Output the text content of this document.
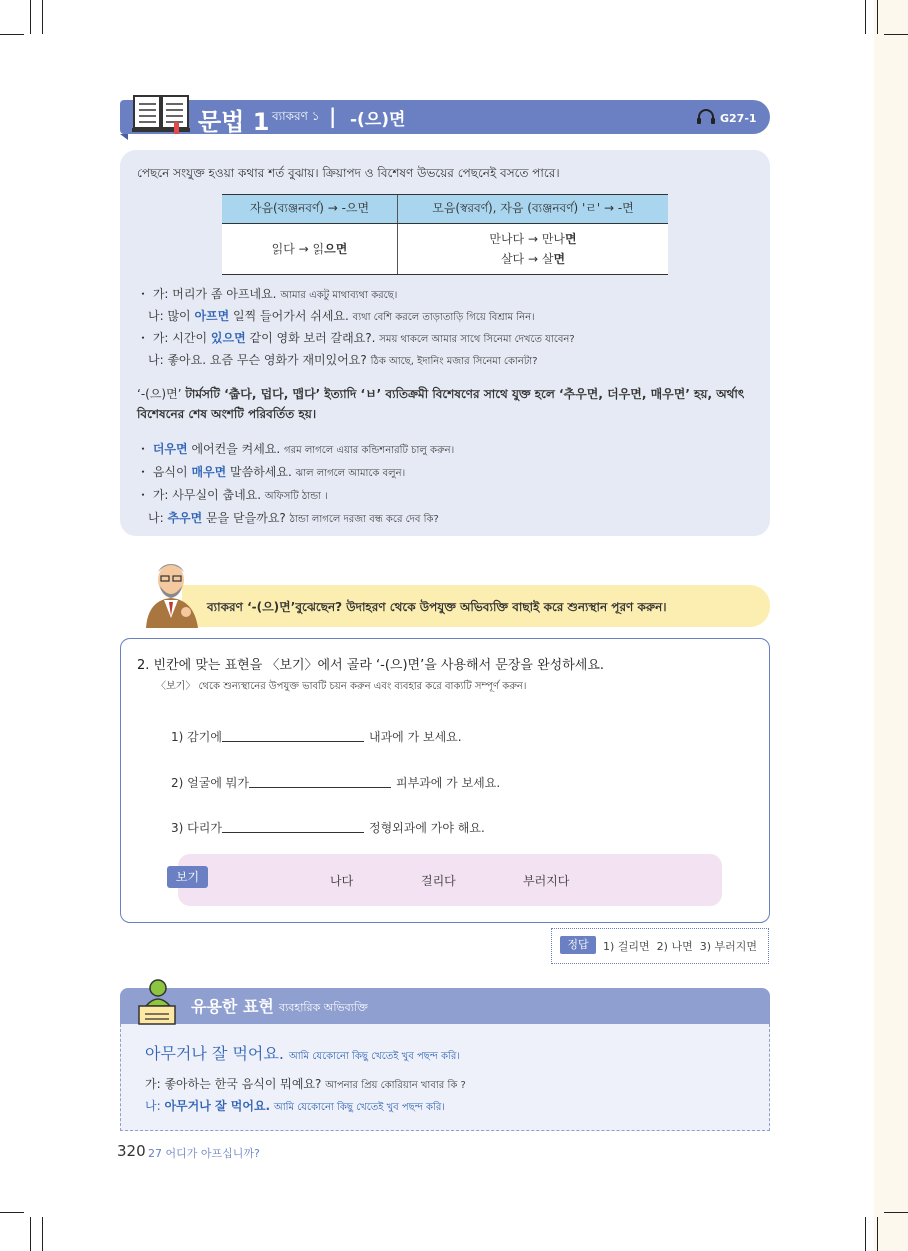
문법 1 ব্যাকরণ ১ | -(으)면	G27-1
পেছনে সংযুক্ত হওয়া কথার শর্ত বুঝায়। ক্রিয়াপদ ও বিশেষণ উভয়ের পেছনেই বসতে পারে।
자음(ব্যঞ্জনবর্ণ) → -으면	모음(স্বরবর্ণ), 자음 (ব্যঞ্জনবর্ণ) 'ㄹ' → -면
읽다 → 읽으면	만나다 → 만나면
살다 → 살면
・ 가: 머리가 좀 아프네요. আমার একটু মাথাব্যথা করছে।
나: 많이 아프면 일찍 들어가서 쉬세요. ব্যথা বেশি করলে তাড়াতাড়ি গিয়ে বিশ্রাম নিন।
・ 가: 시간이 있으면 같이 영화 보러 갈래요?. সময় থাকলে আমার সাথে সিনেমা দেখতে যাবেন?
나: 좋아요. 요즘 무슨 영화가 재미있어요? ঠিক আছে, ইদানিং মজার সিনেমা কোনটা?
‘-(으)면’ টার্মসটি ‘춥다, 덥다, 맵다’ ইত্যাদি ‘ㅂ’ ব্যতিক্রমী বিশেষণের সাথে যুক্ত হলে ‘추우면, 더우면, 매우면’ হয়, অর্থাৎ
বিশেষনের শেষ অংশটি পরিবর্তিত হয়।
・ 더우면 에어컨을 켜세요. গরম লাগলে এয়ার কন্ডিশনারটি চালু করুন।
・ 음식이 매우면 말씀하세요. ঝাল লাগলে আমাকে বলুন।
・ 가: 사무실이 춥네요. অফিসটি ঠান্ডা ।
나: 추우면 문을 닫을까요? ঠান্ডা লাগলে দরজা বন্ধ করে দেব কি?
ব্যাকরণ ‘-(으)면’বুঝেছেন? উদাহরণ থেকে উপযুক্ত অভিব্যক্তি বাছাই করে শুন্যস্থান পূরণ করুন।
2. 빈칸에 맞는 표현을 〈보기〉에서 골라 ‘-(으)면’을 사용해서 문장을 완성하세요.
〈보기〉 থেকে শুন্যস্থানের উপযুক্ত ভাবটি চয়ন করুন এবং ব্যবহার করে বাক্যটি সম্পূর্ণ করুন।
1) 감기에	내과에 가 보세요.
2) 얼굴에 뭐가	피부과에 가 보세요.
3) 다리가	정형외과에 가야 해요.
보기	나다	걸리다	부러지다
정답	1) 걸리면  2) 나면  3) 부러지면
유용한 표현 ব্যবহারিক অভিব্যক্তি
아무거나 잘 먹어요. আমি যেকোনো কিছু খেতেই খুব পছন্দ করি।
가: 좋아하는 한국 음식이 뭐예요? আপনার প্রিয় কোরিয়ান খাবার কি ?
나: 아무거나 잘 먹어요. আমি যেকোনো কিছু খেতেই খুব পছন্দ করি।
320 27 어디가 아프십니까?
